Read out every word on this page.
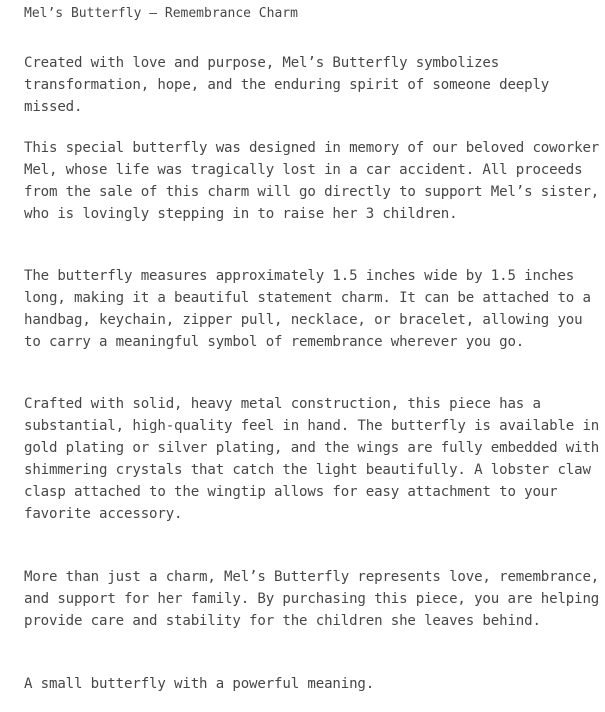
Mel’s Butterfly – Remembrance Charm

Created with love and purpose, Mel’s Butterfly symbolizes transformation, hope, and the enduring spirit of someone deeply missed.

This special butterfly was designed in memory of our beloved coworker Mel, whose life was tragically lost in a car accident. All proceeds from the sale of this charm will go directly to support Mel’s sister, who is lovingly stepping in to raise her 3 children.

The butterfly measures approximately 1.5 inches wide by 1.5 inches long, making it a beautiful statement charm. It can be attached to a handbag, keychain, zipper pull, necklace, or bracelet, allowing you to carry a meaningful symbol of remembrance wherever you go.

Crafted with solid, heavy metal construction, this piece has a substantial, high-quality feel in hand. The butterfly is available in gold plating or silver plating, and the wings are fully embedded with shimmering crystals that catch the light beautifully. A lobster claw clasp attached to the wingtip allows for easy attachment to your favorite accessory.

More than just a charm, Mel’s Butterfly represents love, remembrance, and support for her family. By purchasing this piece, you are helping provide care and stability for the children she leaves behind.

A small butterfly with a powerful meaning.
